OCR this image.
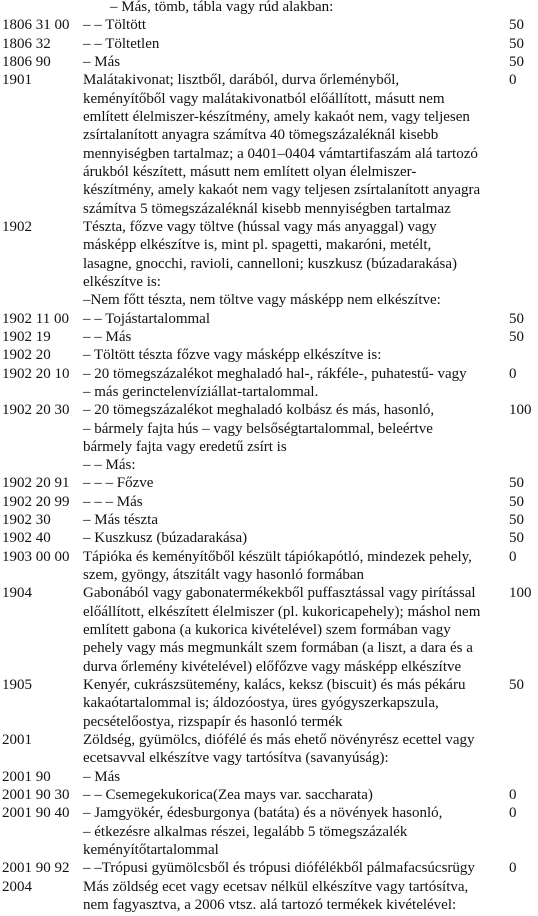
– Más, tömb, tábla vagy rúd alakban:
1806 31 00 – – Töltött	50
1806 32 – – Töltetlen	50
1806 90 – Más	50
1901	Malátakivonat; lisztből, darából, durva őrleményből,	0
keményítőből vagy malátakivonatból előállított, másutt nem
említett élelmiszer-készítmény, amely kakaót nem, vagy teljesen
zsírtalanított anyagra számítva 40 tömegszázaléknál kisebb
mennyiségben tartalmaz; a 0401–0404 vámtartifaszám alá tartozó
árukból készített, másutt nem említett olyan élelmiszer-
készítmény, amely kakaót nem vagy teljesen zsírtalanított anyagra
számítva 5 tömegszázaléknál kisebb mennyiségben tartalmaz
1902	Tészta, főzve vagy töltve (hússal vagy más anyaggal) vagy
másképp elkészítve is, mint pl. spagetti, makaróni, metélt,
lasagne, gnocchi, ravioli, cannelloni; kuszkusz (búzadarakása)
elkészítve is:
–Nem főtt tészta, nem töltve vagy másképp nem elkészítve:
1902 11 00 – – Tojástartalommal	50
1902 19 – – Más	50
1902 20 – Töltött tészta főzve vagy másképp elkészítve is:
1902 20 10 – 20 tömegszázalékot meghaladó hal-, rákféle-, puhatestű- vagy	0
– más gerinctelenvíziállat-tartalommal.
1902 20 30 – 20 tömegszázalékot meghaladó kolbász és más, hasonló,	100
– bármely fajta hús – vagy belsőségtartalommal, beleértve
bármely fajta vagy eredetű zsírt is
– – Más:
1902 20 91 – – – Főzve	50
1902 20 99 – – – Más	50
1902 30 – Más tészta	50
1902 40 – Kuszkusz (búzadarakása)	50
1903 00 00 Tápióka és keményítőből készült tápiókapótló, mindezek pehely, 0
szem, gyöngy, átszitált vagy hasonló formában
1904	Gabonából vagy gabonatermékekből puffasztással vagy pirítással 100
előállított, elkészített élelmiszer (pl. kukoricapehely); máshol nem
említett gabona (a kukorica kivételével) szem formában vagy
pehely vagy más megmunkált szem formában (a liszt, a dara és a
durva őrlemény kivételével) előfőzve vagy másképp elkészítve
1905	Kenyér, cukrászsütemény, kalács, keksz (biscuit) és más pékáru	50
kakaótartalommal is; áldozóostya, üres gyógyszerkapszula,
pecsételőostya, rizspapír és hasonló termék
2001	Zöldség, gyümölcs, diófélé és más ehető növényrész ecettel vagy
ecetsavval elkészítve vagy tartósítva (savanyúság):
2001 90 – Más
2001 90 30 – – Csemegekukorica(Zea mays var. saccharata)	0
2001 90 40 – Jamgyökér, édesburgonya (batáta) és a növények hasonló,	0
– étkezésre alkalmas részei, legalább 5 tömegszázalék
keményítőtartalommal
2001 90 92 – –Trópusi gyümölcsből és trópusi diófélékből pálmafacsúcsrügy 0
2004	Más zöldség ecet vagy ecetsav nélkül elkészítve vagy tartósítva,
nem fagyasztva, a 2006 vtsz. alá tartozó termékek kivételével:
